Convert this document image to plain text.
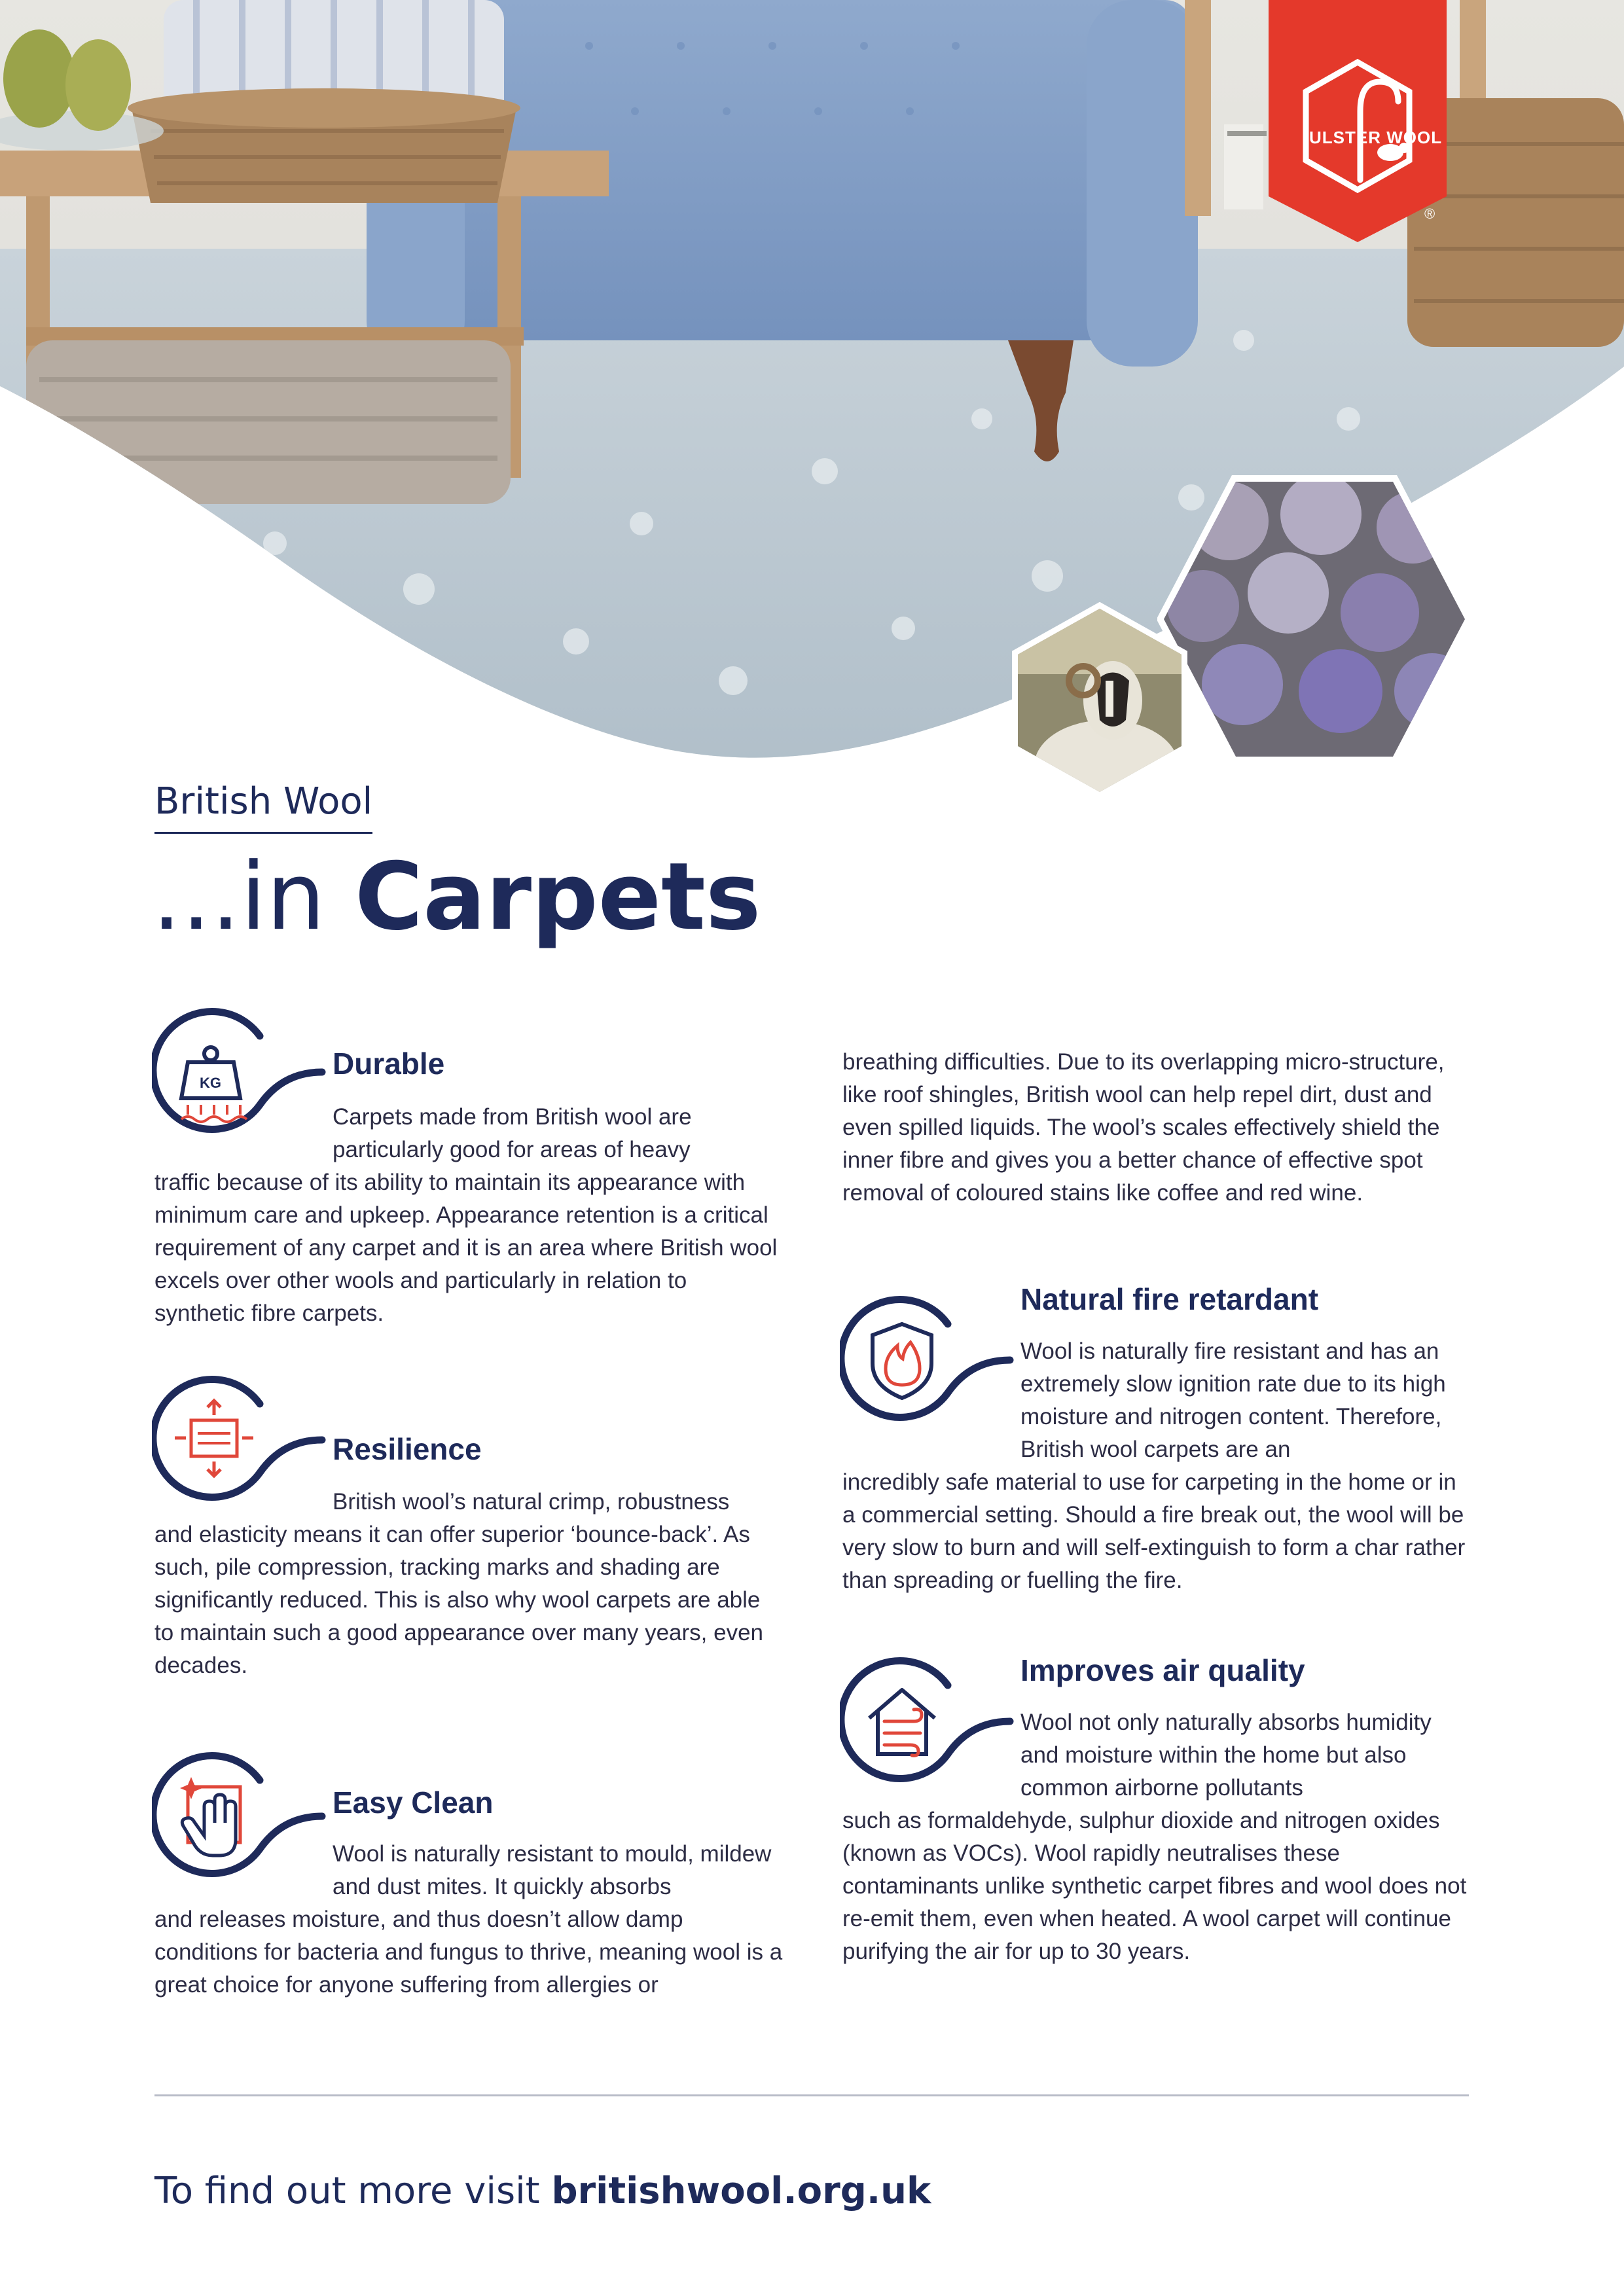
®
ULSTER WOOL
British Wool
...in Carpets
KG
Durable
Carpets made from British wool are particularly good for areas of heavy
traffic because of its ability to maintain its appearance with minimum care and upkeep. Appearance retention is a critical requirement of any carpet and it is an area where British wool excels over other wools and particularly in relation to synthetic fibre carpets.
Resilience
British wool’s natural crimp, robustness
and elasticity means it can offer superior ‘bounce-back’. As such, pile compression, tracking marks and shading are significantly reduced. This is also why wool carpets are able to maintain such a good appearance over many years, even decades.
Easy Clean
Wool is naturally resistant to mould, mildew and dust mites. It quickly absorbs
and releases moisture, and thus doesn’t allow damp conditions for bacteria and fungus to thrive, meaning wool is a great choice for anyone suffering from allergies or
breathing difficulties. Due to its overlapping micro-structure, like roof shingles, British wool can help repel dirt, dust and even spilled liquids. The wool’s scales effectively shield the inner fibre and gives you a better chance of effective spot removal of coloured stains like coffee and red wine.
Natural fire retardant
Wool is naturally fire resistant and has an extremely slow ignition rate due to its high moisture and nitrogen content. Therefore, British wool carpets are an
incredibly safe material to use for carpeting in the home or in a commercial setting. Should a fire break out, the wool will be very slow to burn and will self-extinguish to form a char rather than spreading or fuelling the fire.
Improves air quality
Wool not only naturally absorbs humidity and moisture within the home but also common airborne pollutants
such as formaldehyde, sulphur dioxide and nitrogen oxides (known as VOCs). Wool rapidly neutralises these contaminants unlike synthetic carpet fibres and wool does not re-emit them, even when heated. A wool carpet will continue purifying the air for up to 30 years.
To find out more visit britishwool.org.uk
